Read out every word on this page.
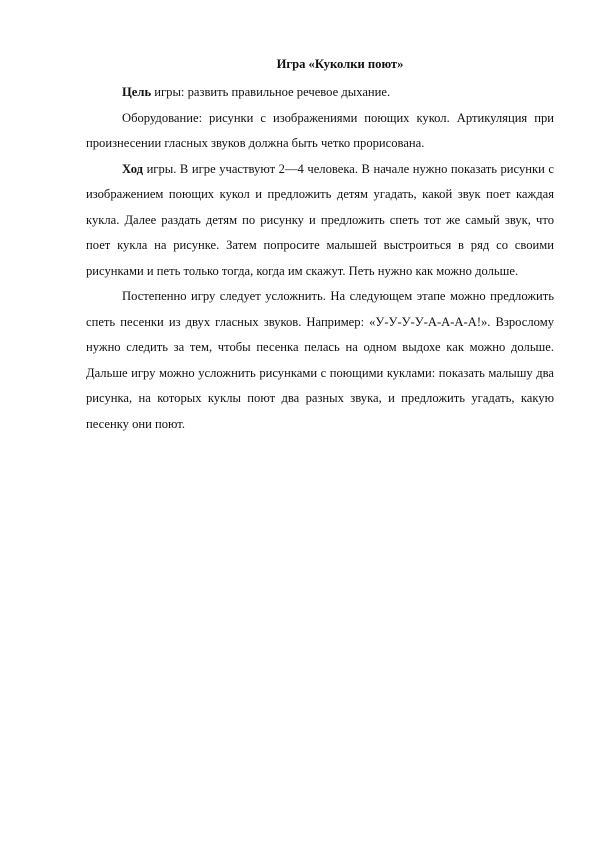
Игра «Куколки поют»

Цель игры: развить правильное речевое дыхание.

Оборудование: рисунки с изображениями поющих кукол. Артикуляция при произнесении гласных звуков должна быть четко прорисована.

Ход игры. В игре участвуют 2—4 человека. В начале нужно показать рисунки с изображением поющих кукол и предложить детям угадать, какой звук поет каждая кукла. Далее раздать детям по рисунку и предложить спеть тот же самый звук, что поет кукла на рисунке. Затем попросите малышей выстроиться в ряд со своими рисунками и петь только тогда, когда им скажут. Петь нужно как можно дольше.

Постепенно игру следует усложнить. На следующем этапе можно предложить спеть песенки из двух гласных звуков. Например: «У-У-У-У-А-А-А-А!». Взрослому нужно следить за тем, чтобы песенка пелась на одном выдохе как можно дольше. Дальше игру можно усложнить рисунками с поющими куклами: показать малышу два рисунка, на которых куклы поют два разных звука, и предложить угадать, какую песенку они поют.
